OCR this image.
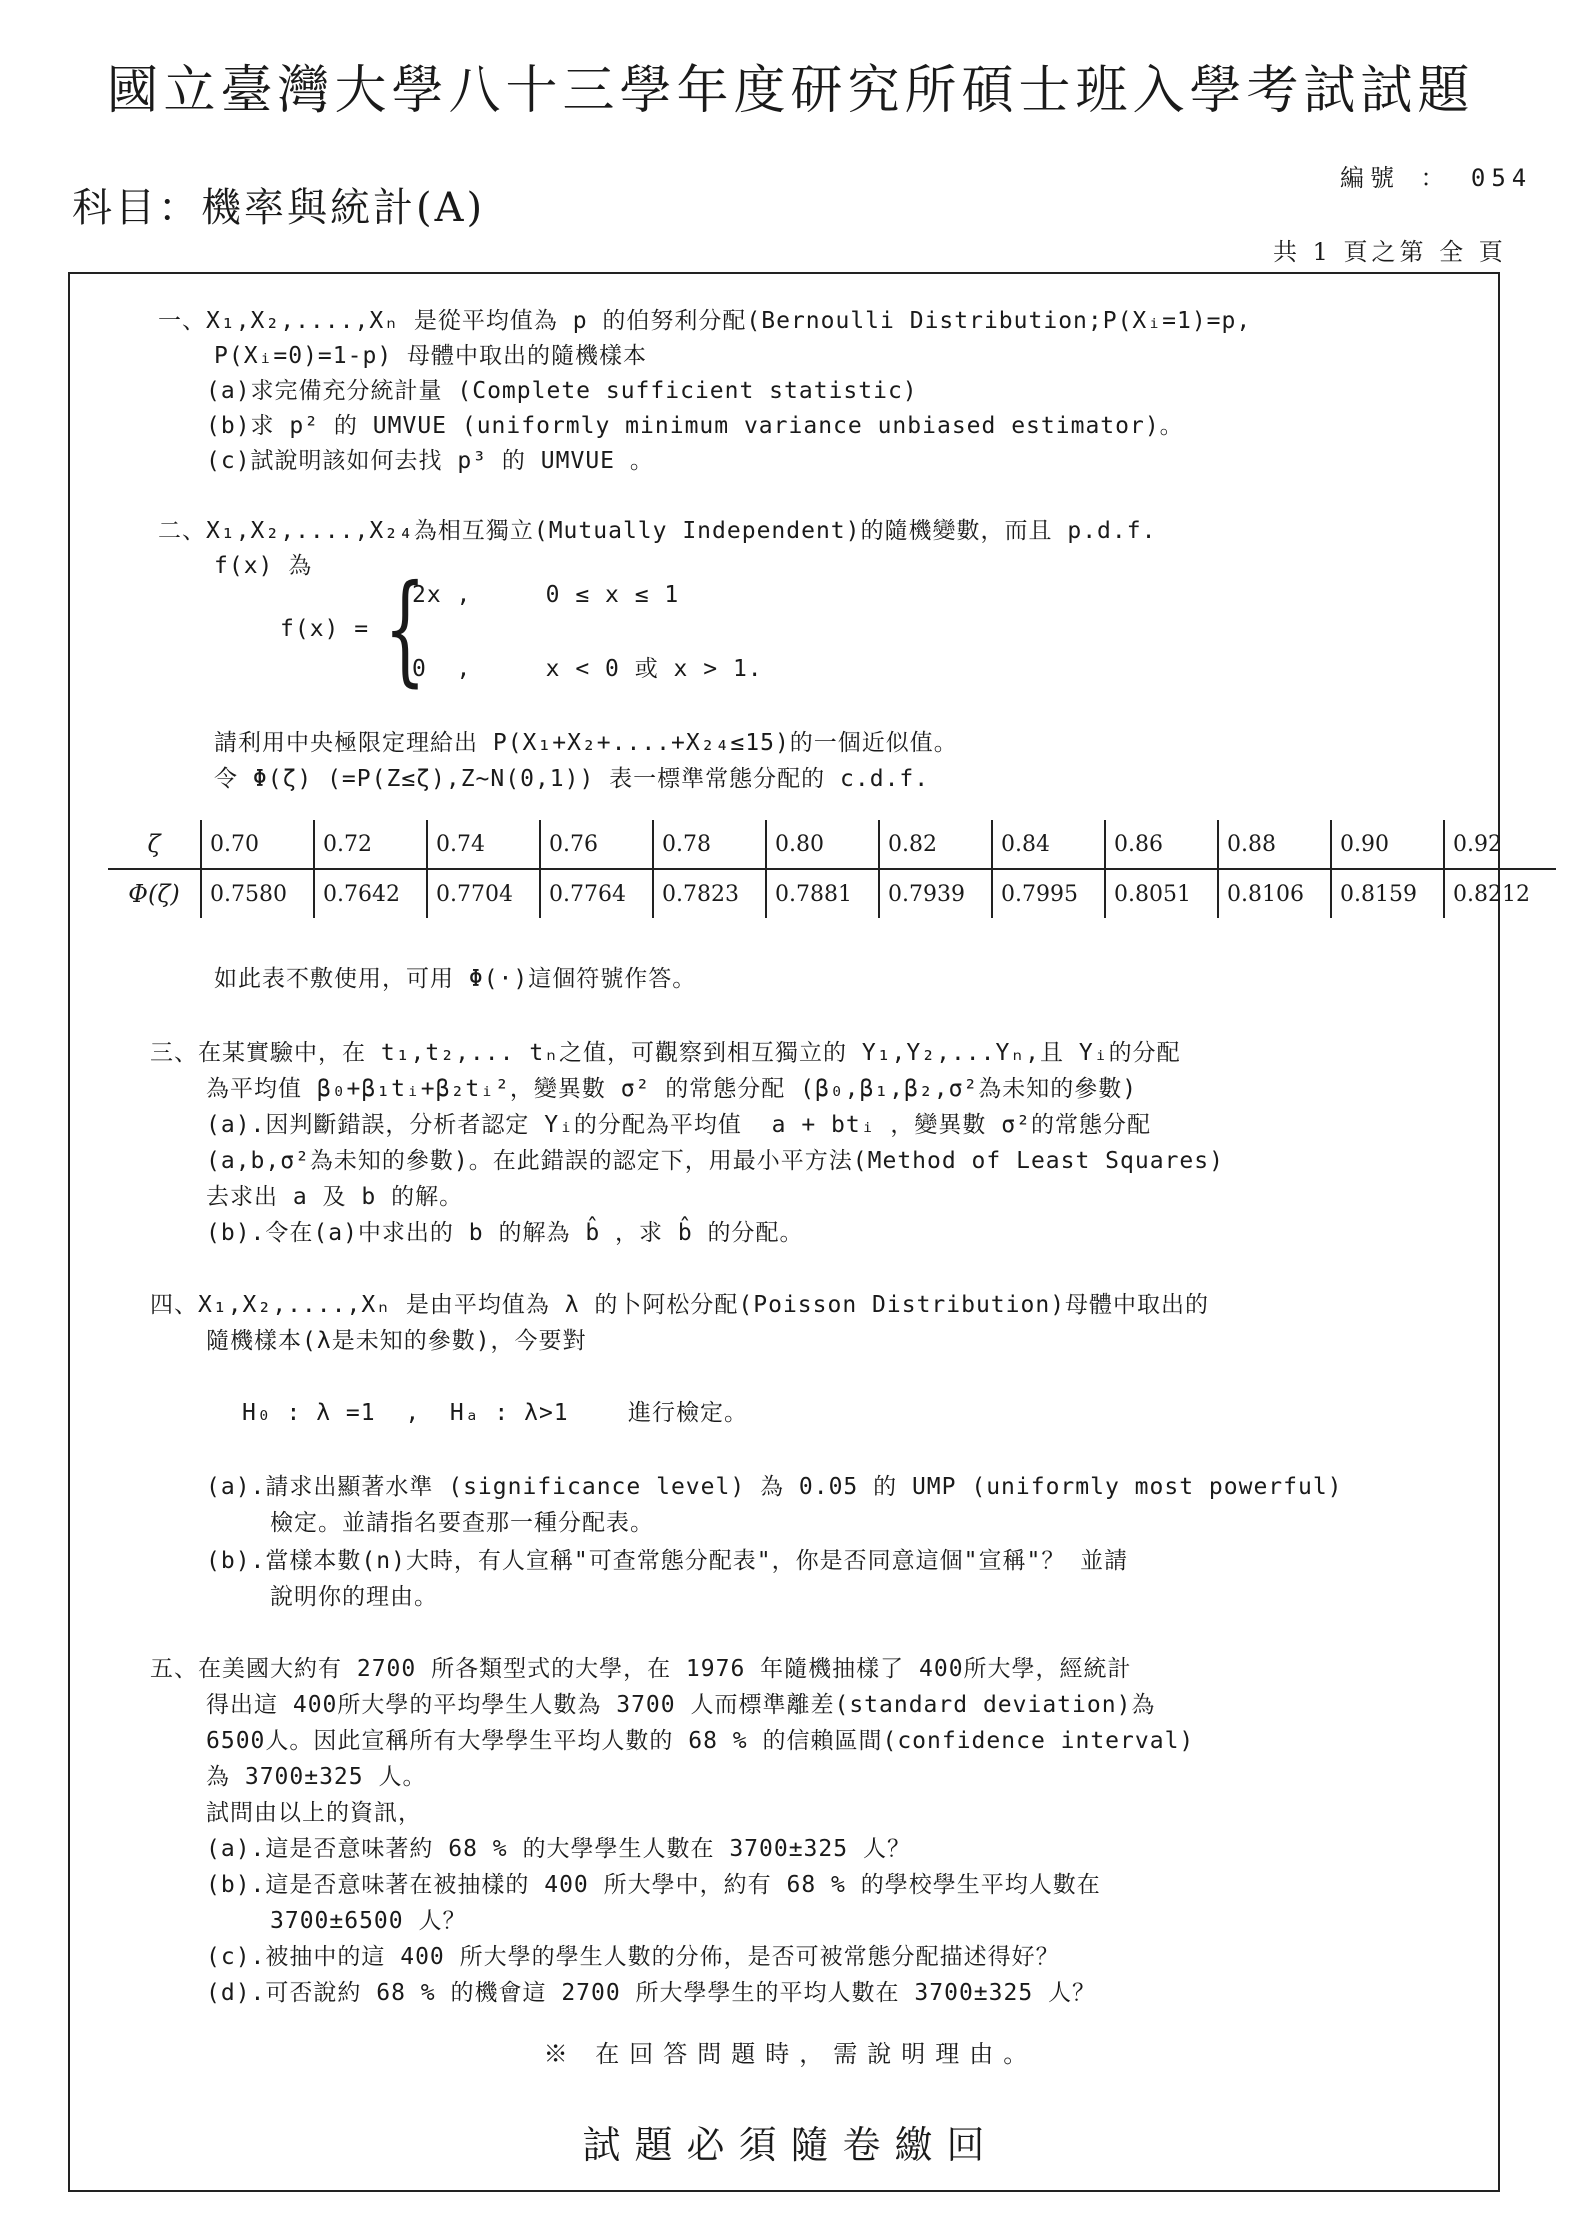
國立臺灣大學八十三學年度研究所碩士班入學考試試題
編號 ： 054
科目：機率與統計(A)
共 1 頁之第 全 頁
一、X₁,X₂,....,Xₙ 是從平均值為 p 的伯努利分配(Bernoulli Distribution;P(Xᵢ=1)=p,
P(Xᵢ=0)=1-p) 母體中取出的隨機樣本
(a)求完備充分統計量 (Complete sufficient statistic)
(b)求 p² 的 UMVUE (uniformly minimum variance unbiased estimator)。
(c)試說明該如何去找 p³ 的 UMVUE 。
二、X₁,X₂,....,X₂₄為相互獨立(Mutually Independent)的隨機變數，而且 p.d.f.
f(x) 為
f(x) = {
2x ,     0 ≤ x ≤ 1
0  ,     x < 0 或 x > 1.
請利用中央極限定理給出 P(X₁+X₂+....+X₂₄≤15)的一個近似值。
令 Φ(ζ) (=P(Z≤ζ),Z~N(0,1)) 表一標準常態分配的 c.d.f.
ζ	0.70	0.72	0.74	0.76	0.78	0.80	0.82	0.84	0.86	0.88	0.90	0.92
Φ(ζ)	0.7580	0.7642	0.7704	0.7764	0.7823	0.7881	0.7939	0.7995	0.8051	0.8106	0.8159	0.8212
如此表不敷使用，可用 Φ(·)這個符號作答。
三、在某實驗中，在 t₁,t₂,... tₙ之值，可觀察到相互獨立的 Y₁,Y₂,...Yₙ,且 Yᵢ的分配
為平均值 β₀+β₁tᵢ+β₂tᵢ²，變異數 σ² 的常態分配 (β₀,β₁,β₂,σ²為未知的參數)
(a).因判斷錯誤，分析者認定 Yᵢ的分配為平均值  a + btᵢ ，變異數 σ²的常態分配
(a,b,σ²為未知的參數)。在此錯誤的認定下，用最小平方法(Method of Least Squares)
去求出 a 及 b 的解。
(b).令在(a)中求出的 b 的解為 b̂ ，求 b̂ 的分配。
四、X₁,X₂,....,Xₙ 是由平均值為 λ 的卜阿松分配(Poisson Distribution)母體中取出的
隨機樣本(λ是未知的參數)，今要對
H₀ : λ =1  ,  Hₐ : λ>1    進行檢定。
(a).請求出顯著水準 (significance level) 為 0.05 的 UMP (uniformly most powerful)
檢定。並請指名要查那一種分配表。
(b).當樣本數(n)大時，有人宣稱"可查常態分配表"，你是否同意這個"宣稱"？ 並請
說明你的理由。
五、在美國大約有 2700 所各類型式的大學，在 1976 年隨機抽樣了 400所大學，經統計
得出這 400所大學的平均學生人數為 3700 人而標準離差(standard deviation)為
6500人。因此宣稱所有大學學生平均人數的 68 % 的信賴區間(confidence interval)
為 3700±325 人。
試問由以上的資訊，
(a).這是否意味著約 68 % 的大學學生人數在 3700±325 人？
(b).這是否意味著在被抽樣的 400 所大學中，約有 68 % 的學校學生平均人數在
3700±6500 人？
(c).被抽中的這 400 所大學的學生人數的分佈，是否可被常態分配描述得好？
(d).可否說約 68 % 的機會這 2700 所大學學生的平均人數在 3700±325 人？
※ 在回答問題時，需說明理由。
試題必須隨卷繳回
